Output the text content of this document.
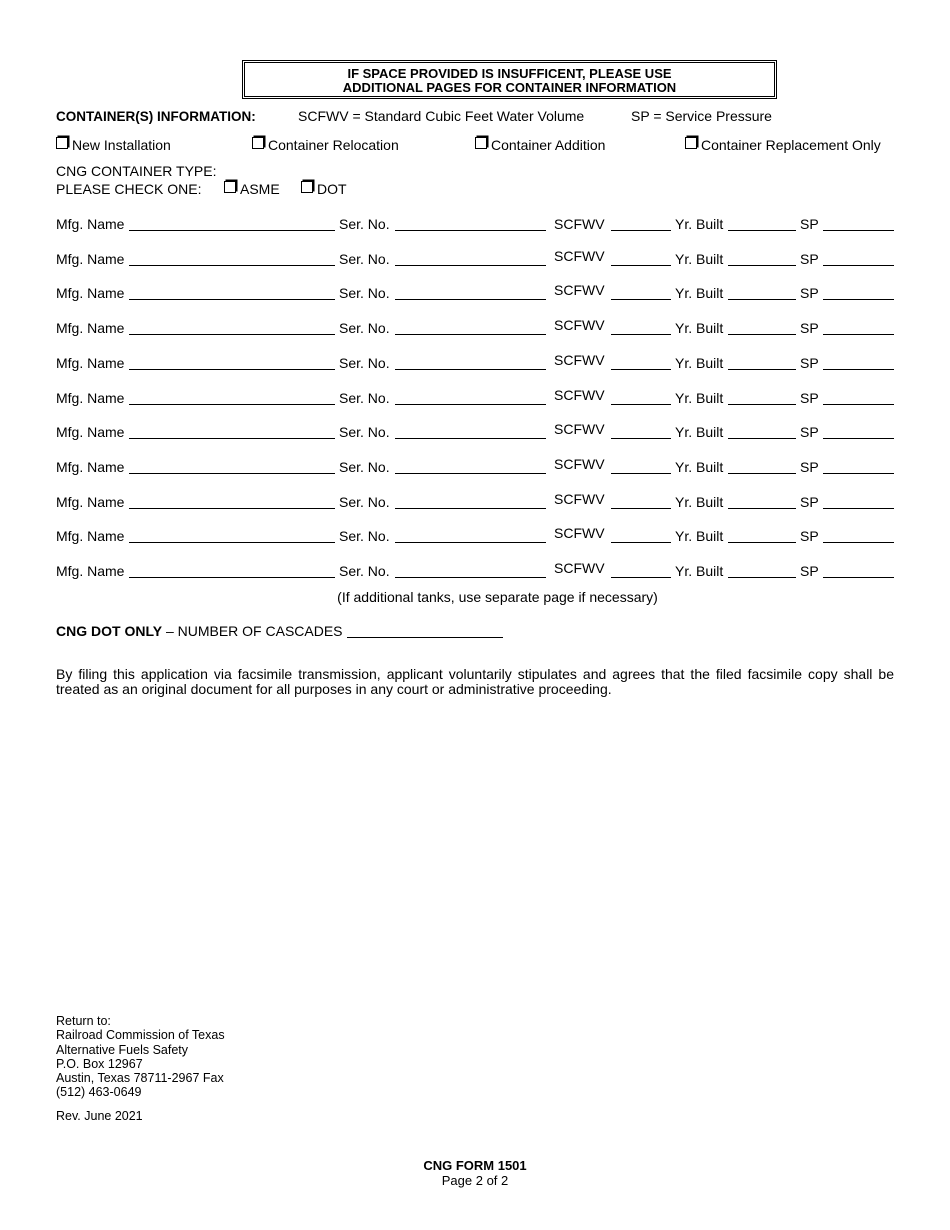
IF SPACE PROVIDED IS INSUFFICENT, PLEASE USE
ADDITIONAL PAGES FOR CONTAINER INFORMATION
CONTAINER(S) INFORMATION:	SCFWV = Standard Cubic Feet Water Volume	SP = Service Pressure
New Installation	Container Relocation	Container Addition	Container Replacement Only
CNG CONTAINER TYPE:
PLEASE CHECK ONE:	ASME	DOT
Mfg. Name	Ser. No.	SCFWV	Yr. Built	SP
Mfg. Name	Ser. No.	SCFWV	Yr. Built	SP
Mfg. Name	Ser. No.	SCFWV	Yr. Built	SP
Mfg. Name	Ser. No.	SCFWV	Yr. Built	SP
Mfg. Name	Ser. No.	SCFWV	Yr. Built	SP
Mfg. Name	Ser. No.	SCFWV	Yr. Built	SP
Mfg. Name	Ser. No.	SCFWV	Yr. Built	SP
Mfg. Name	Ser. No.	SCFWV	Yr. Built	SP
Mfg. Name	Ser. No.	SCFWV	Yr. Built	SP
Mfg. Name	Ser. No.	SCFWV	Yr. Built	SP
Mfg. Name	Ser. No.	SCFWV	Yr. Built	SP
(If additional tanks, use separate page if necessary)
CNG DOT ONLY – NUMBER OF CASCADES
By filing this application via facsimile transmission, applicant voluntarily stipulates and agrees that the filed facsimile copy shall be treated as an original document for all purposes in any court or administrative proceeding.
Return to:
Railroad Commission of Texas
Alternative Fuels Safety
P.O. Box 12967
Austin, Texas 78711-2967 Fax
(512) 463-0649
Rev. June 2021
CNG FORM 1501
Page 2 of 2
